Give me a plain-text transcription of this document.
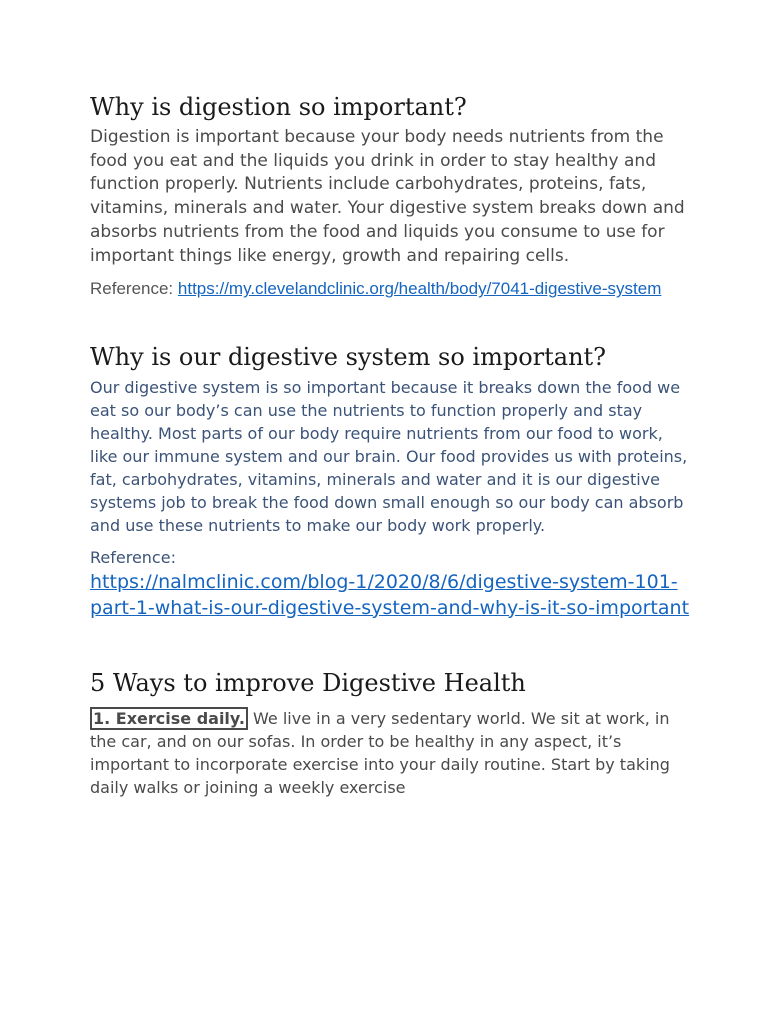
Why is digestion so important?

Digestion is important because your body needs nutrients from the food you eat and the liquids you drink in order to stay healthy and function properly. Nutrients include carbohydrates, proteins, fats, vitamins, minerals and water. Your digestive system breaks down and absorbs nutrients from the food and liquids you consume to use for important things like energy, growth and repairing cells.

Reference: https://my.clevelandclinic.org/health/body/7041-digestive-system

Why is our digestive system so important?

Our digestive system is so important because it breaks down the food we eat so our body’s can use the nutrients to function properly and stay healthy. Most parts of our body require nutrients from our food to work, like our immune system and our brain. Our food provides us with proteins, fat, carbohydrates, vitamins, minerals and water and it is our digestive systems job to break the food down small enough so our body can absorb and use these nutrients to make our body work properly.

Reference:

https://nalmclinic.com/blog-1/2020/8/6/digestive-system-101-part-1-what-is-our-digestive-system-and-why-is-it-so-important

5 Ways to improve Digestive Health

1. Exercise daily. We live in a very sedentary world. We sit at work, in the car, and on our sofas. In order to be healthy in any aspect, it’s important to incorporate exercise into your daily routine. Start by taking daily walks or joining a weekly exercise
